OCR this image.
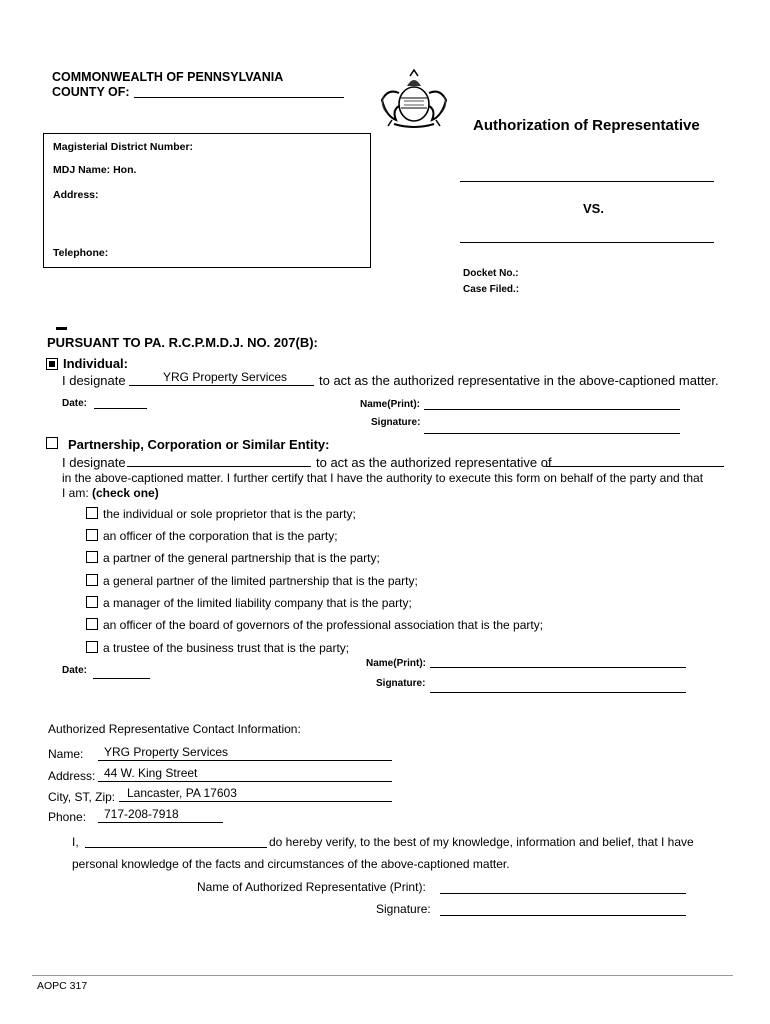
COMMONWEALTH OF PENNSYLVANIA
COUNTY OF:
Authorization of Representative
Magisterial District Number:
MDJ Name: Hon.
Address:
Telephone:
VS.
Docket No.:
Case Filed.:
PURSUANT TO PA. R.C.P.M.D.J. NO. 207(B):
Individual:
I designate	YRG Property Services to act as the authorized representative in the above-captioned matter.
Date:	Name(Print):
Signature:
Partnership, Corporation or Similar Entity:
I designate	to act as the authorized representative of
in the above-captioned matter. I further certify that I have the authority to execute this form on behalf of the party and that
I am: (check one)
the individual or sole proprietor that is the party;
an officer of the corporation that is the party;
a partner of the general partnership that is the party;
a general partner of the limited partnership that is the party;
a manager of the limited liability company that is the party;
an officer of the board of governors of the professional association that is the party;
a trustee of the business trust that is the party;
Name(Print):
Date:
Signature:
Authorized Representative Contact Information:
Name: YRG Property Services
Address: 44 W. King Street
City, ST, Zip: Lancaster, PA 17603
Phone: 717-208-7918
I,	do hereby verify, to the best of my knowledge, information and belief, that I have
personal knowledge of the facts and circumstances of the above-captioned matter.
Name of Authorized Representative (Print):
Signature:
AOPC 317
